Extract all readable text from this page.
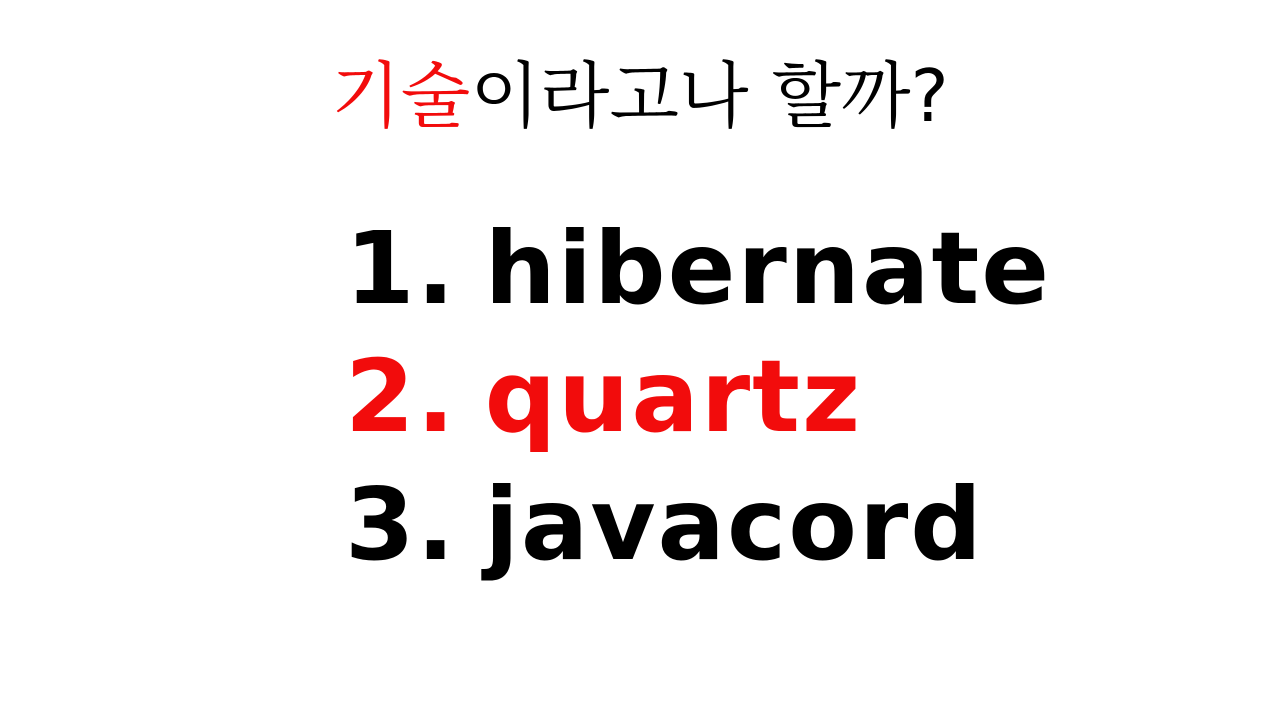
기술이라고나 할까?
1. hibernate
2. quartz
3. javacord
